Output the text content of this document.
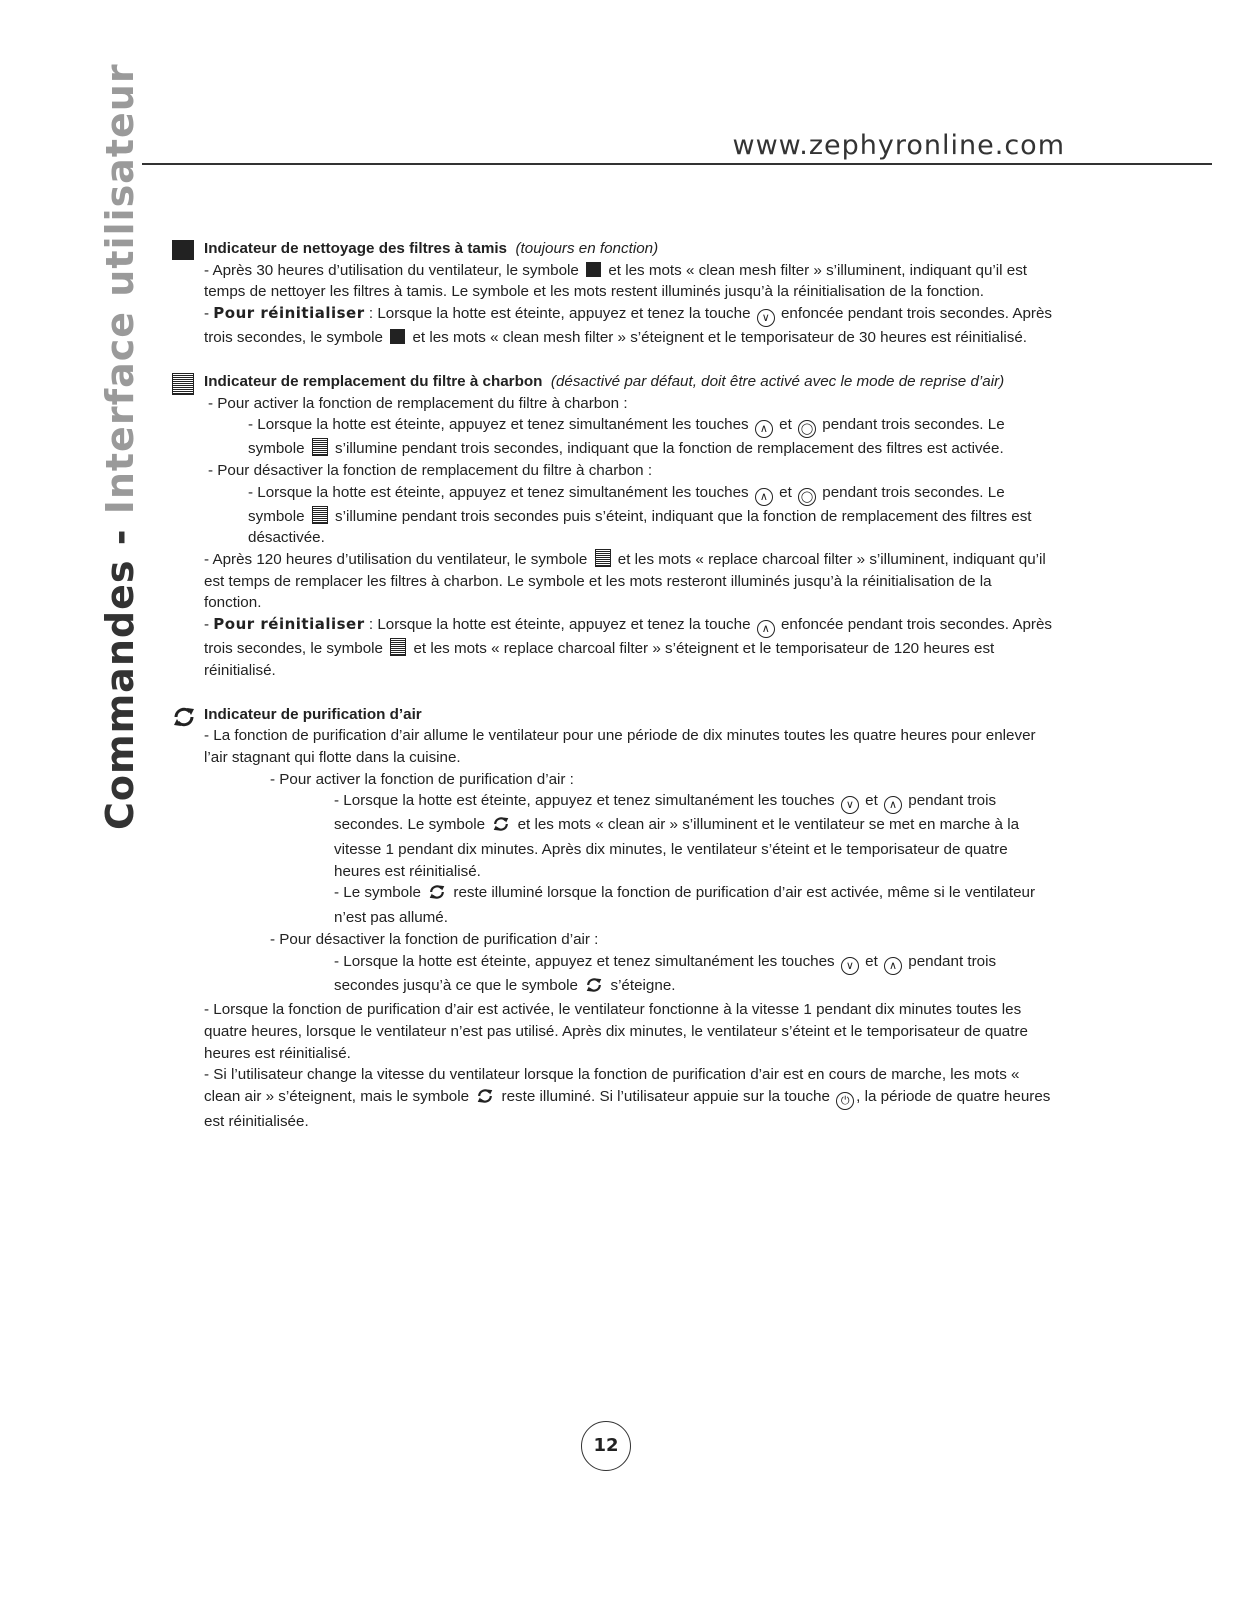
www.zephyronline.com
Commandes - Interface utilisateur	Indicateur de nettoyage des filtres à tamis (toujours en fonction)
- Après 30 heures d’utilisation du ventilateur, le symbole et les mots « clean mesh filter » s’illuminent, indiquant qu’il est temps de nettoyer les filtres à tamis. Le symbole et les mots restent illuminés jusqu’à la réinitialisation de la fonction.
- Pour réinitialiser : Lorsque la hotte est éteinte, appuyez et tenez la touche ∨ enfoncée pendant trois secondes. Après trois secondes, le symbole et les mots « clean mesh filter » s’éteignent et le temporisateur de 30 heures est réinitialisé.
Indicateur de remplacement du filtre à charbon (désactivé par défaut, doit être activé avec le mode de reprise d’air)
- Pour activer la fonction de remplacement du filtre à charbon :
- Lorsque la hotte est éteinte, appuyez et tenez simultanément les touches ∧ et ◯ pendant trois secondes. Le
symbole s’illumine pendant trois secondes, indiquant que la fonction de remplacement des filtres est activée.
- Pour désactiver la fonction de remplacement du filtre à charbon :
- Lorsque la hotte est éteinte, appuyez et tenez simultanément les touches ∧ et ◯ pendant trois secondes. Le
symbole s’illumine pendant trois secondes puis s’éteint, indiquant que la fonction de remplacement des filtres est désactivée.
- Après 120 heures d’utilisation du ventilateur, le symbole et les mots « replace charcoal filter » s’illuminent, indiquant qu’il est temps de remplacer les filtres à charbon. Le symbole et les mots resteront illuminés jusqu’à la réinitialisation de la fonction.
- Pour réinitialiser : Lorsque la hotte est éteinte, appuyez et tenez la touche ∧ enfoncée pendant trois secondes. Après trois secondes, le symbole et les mots « replace charcoal filter » s’éteignent et le temporisateur de 120 heures est réinitialisé.
Indicateur de purification d’air
- La fonction de purification d’air allume le ventilateur pour une période de dix minutes toutes les quatre heures pour enlever l’air stagnant qui flotte dans la cuisine.
- Pour activer la fonction de purification d’air :
- Lorsque la hotte est éteinte, appuyez et tenez simultanément les touches ∨ et ∧ pendant trois secondes. Le symbole et les mots « clean air » s’illuminent et le ventilateur se met en marche à la vitesse 1 pendant dix minutes. Après dix minutes, le ventilateur s’éteint et le temporisateur de quatre heures est réinitialisé.
- Le symbole reste illuminé lorsque la fonction de purification d’air est activée, même si le ventilateur n’est pas allumé.
- Pour désactiver la fonction de purification d’air :
- Lorsque la hotte est éteinte, appuyez et tenez simultanément les touches ∨ et ∧ pendant trois secondes jusqu’à ce que le symbole s’éteigne.
- Lorsque la fonction de purification d’air est activée, le ventilateur fonctionne à la vitesse 1 pendant dix minutes toutes les quatre heures, lorsque le ventilateur n’est pas utilisé. Après dix minutes, le ventilateur s’éteint et le temporisateur de quatre heures est réinitialisé.
- Si l’utilisateur change la vitesse du ventilateur lorsque la fonction de purification d’air est en cours de marche, les mots « clean air » s’éteignent, mais le symbole reste illuminé. Si l’utilisateur appuie sur la touche ⏻ , la période de quatre heures est réinitialisée.
12
